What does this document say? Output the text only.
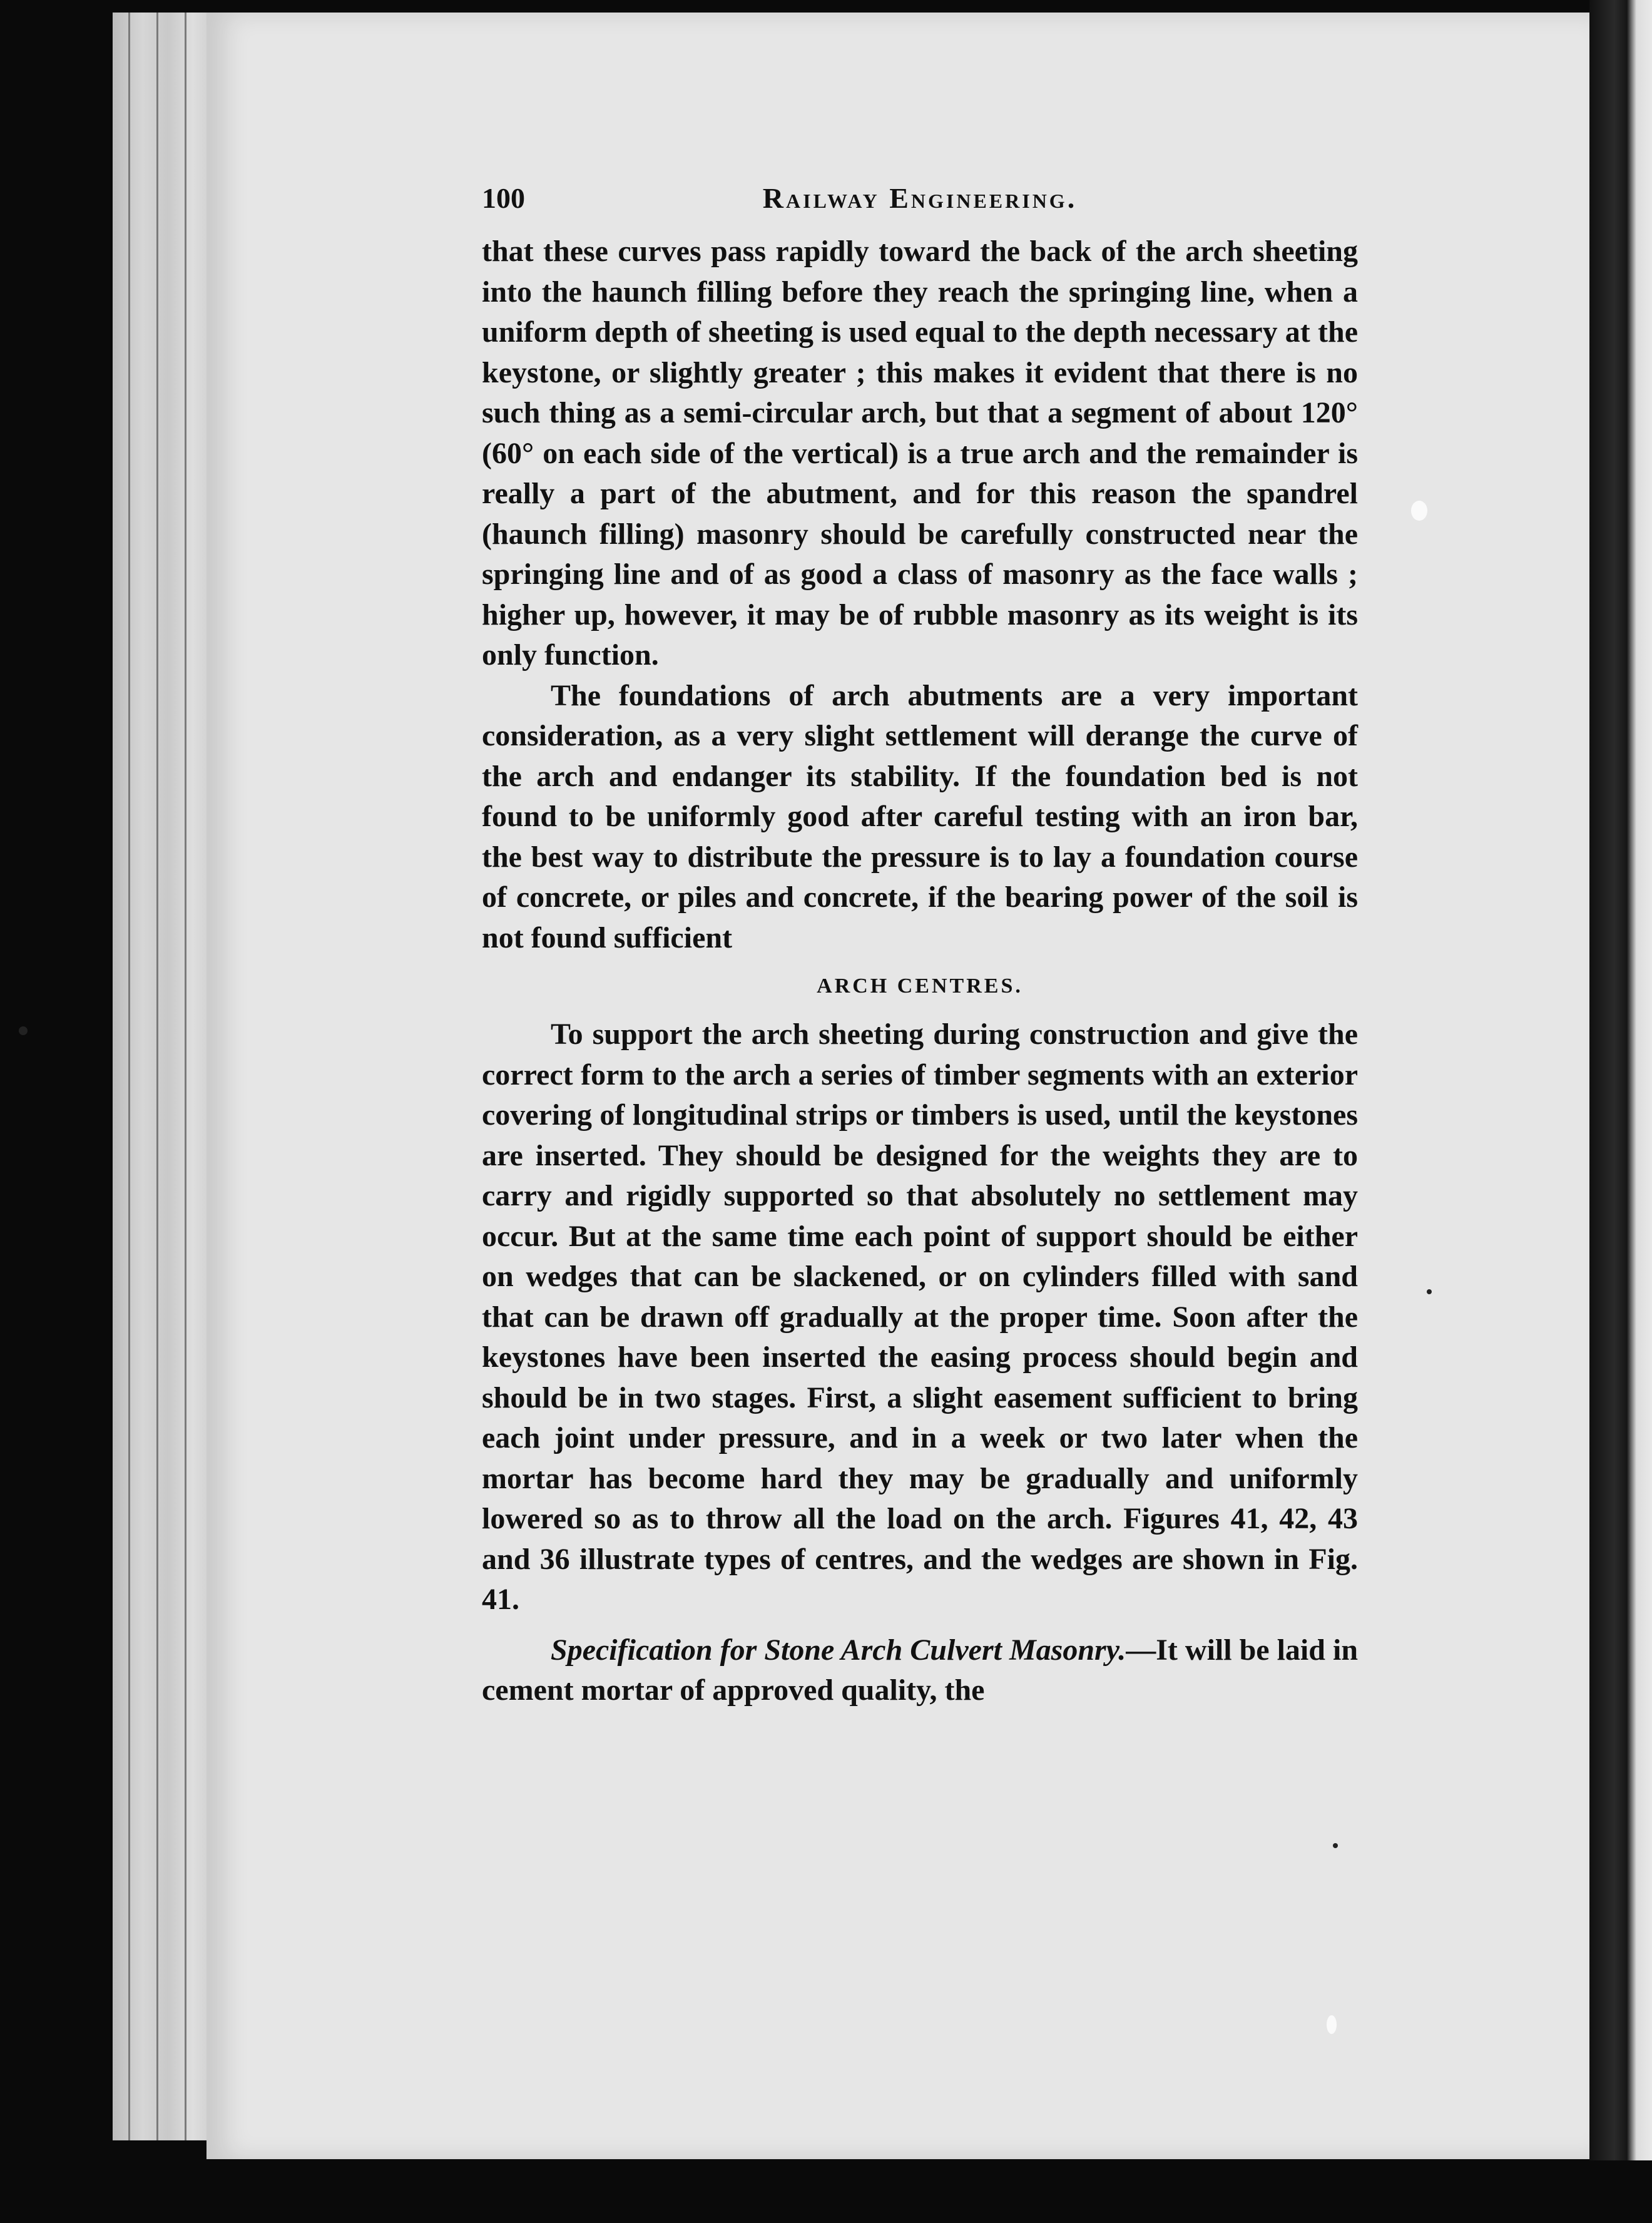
100	Railway Engineering.

that these curves pass rapidly toward the back of the arch sheeting into the haunch filling before they reach the springing line, when a uniform depth of sheeting is used equal to the depth necessary at the keystone, or slightly greater ; this makes it evident that there is no such thing as a semi-circular arch, but that a segment of about 120° (60° on each side of the vertical) is a true arch and the remainder is really a part of the abutment, and for this reason the spandrel (haunch filling) masonry should be carefully constructed near the springing line and of as good a class of masonry as the face walls ; higher up, however, it may be of rubble masonry as its weight is its only function.

The foundations of arch abutments are a very important consideration, as a very slight settlement will derange the curve of the arch and endanger its stability. If the foundation bed is not found to be uniformly good after careful testing with an iron bar, the best way to distribute the pressure is to lay a foundation course of concrete, or piles and concrete, if the bearing power of the soil is not found sufficient

ARCH CENTRES.

To support the arch sheeting during construction and give the correct form to the arch a series of timber segments with an exterior covering of longitudinal strips or timbers is used, until the keystones are inserted. They should be designed for the weights they are to carry and rigidly supported so that absolutely no settlement may occur. But at the same time each point of support should be either on wedges that can be slackened, or on cylinders filled with sand that can be drawn off gradually at the proper time. Soon after the keystones have been inserted the easing process should begin and should be in two stages. First, a slight easement sufficient to bring each joint under pressure, and in a week or two later when the mortar has become hard they may be gradually and uniformly lowered so as to throw all the load on the arch. Figures 41, 42, 43 and 36 illustrate types of centres, and the wedges are shown in Fig. 41.

Specification for Stone Arch Culvert Masonry.—It will be laid in cement mortar of approved quality, the
